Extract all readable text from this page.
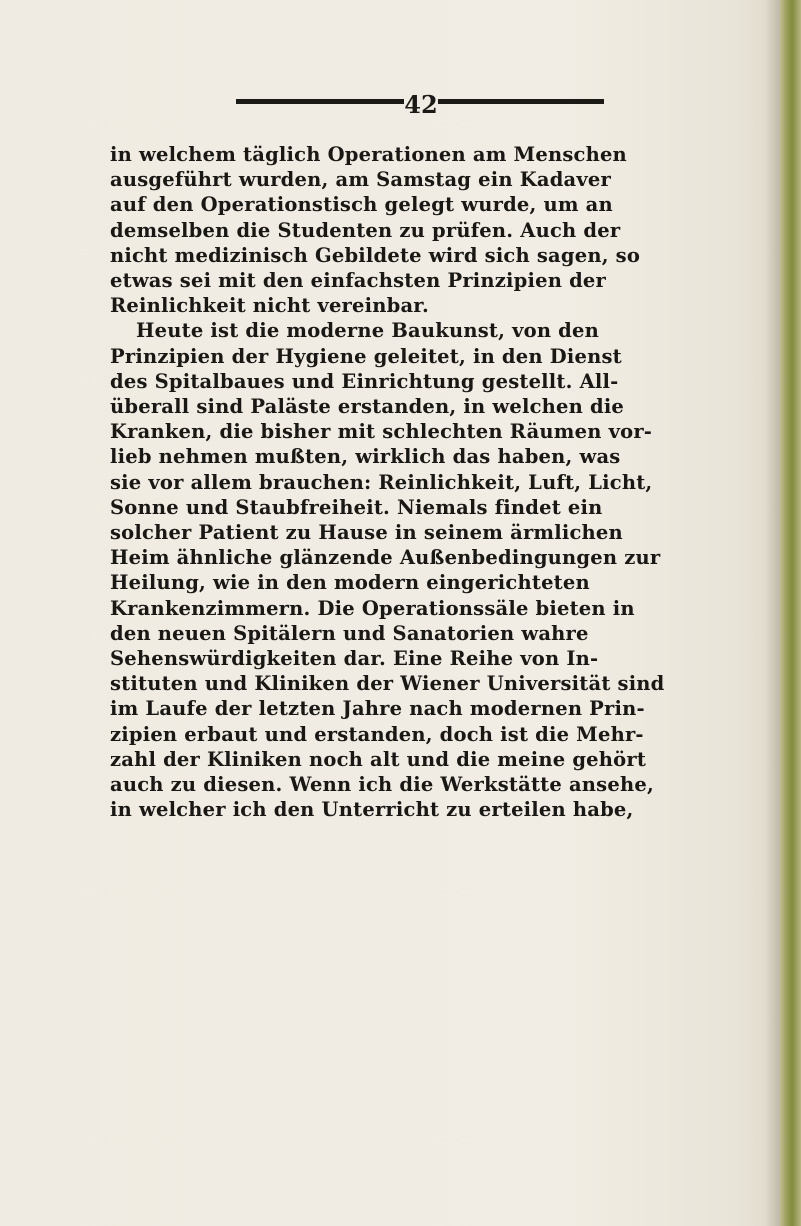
42
in welchem täglich Operationen am Menschen
ausgeführt wurden, am Samstag ein Kadaver
auf den Operationstisch gelegt wurde, um an
demselben die Studenten zu prüfen. Auch der
nicht medizinisch Gebildete wird sich sagen, so
etwas sei mit den einfachsten Prinzipien der
Reinlichkeit nicht vereinbar.
Heute ist die moderne Baukunst, von den
Prinzipien der Hygiene geleitet, in den Dienst
des Spitalbaues und Einrichtung gestellt. All-
überall sind Paläste erstanden, in welchen die
Kranken, die bisher mit schlechten Räumen vor-
lieb nehmen mußten, wirklich das haben, was
sie vor allem brauchen: Reinlichkeit, Luft, Licht,
Sonne und Staubfreiheit. Niemals findet ein
solcher Patient zu Hause in seinem ärmlichen
Heim ähnliche glänzende Außenbedingungen zur
Heilung, wie in den modern eingerichteten
Krankenzimmern. Die Operationssäle bieten in
den neuen Spitälern und Sanatorien wahre
Sehenswürdigkeiten dar. Eine Reihe von In-
stituten und Kliniken der Wiener Universität sind
im Laufe der letzten Jahre nach modernen Prin-
zipien erbaut und erstanden, doch ist die Mehr-
zahl der Kliniken noch alt und die meine gehört
auch zu diesen. Wenn ich die Werkstätte ansehe,
in welcher ich den Unterricht zu erteilen habe,
